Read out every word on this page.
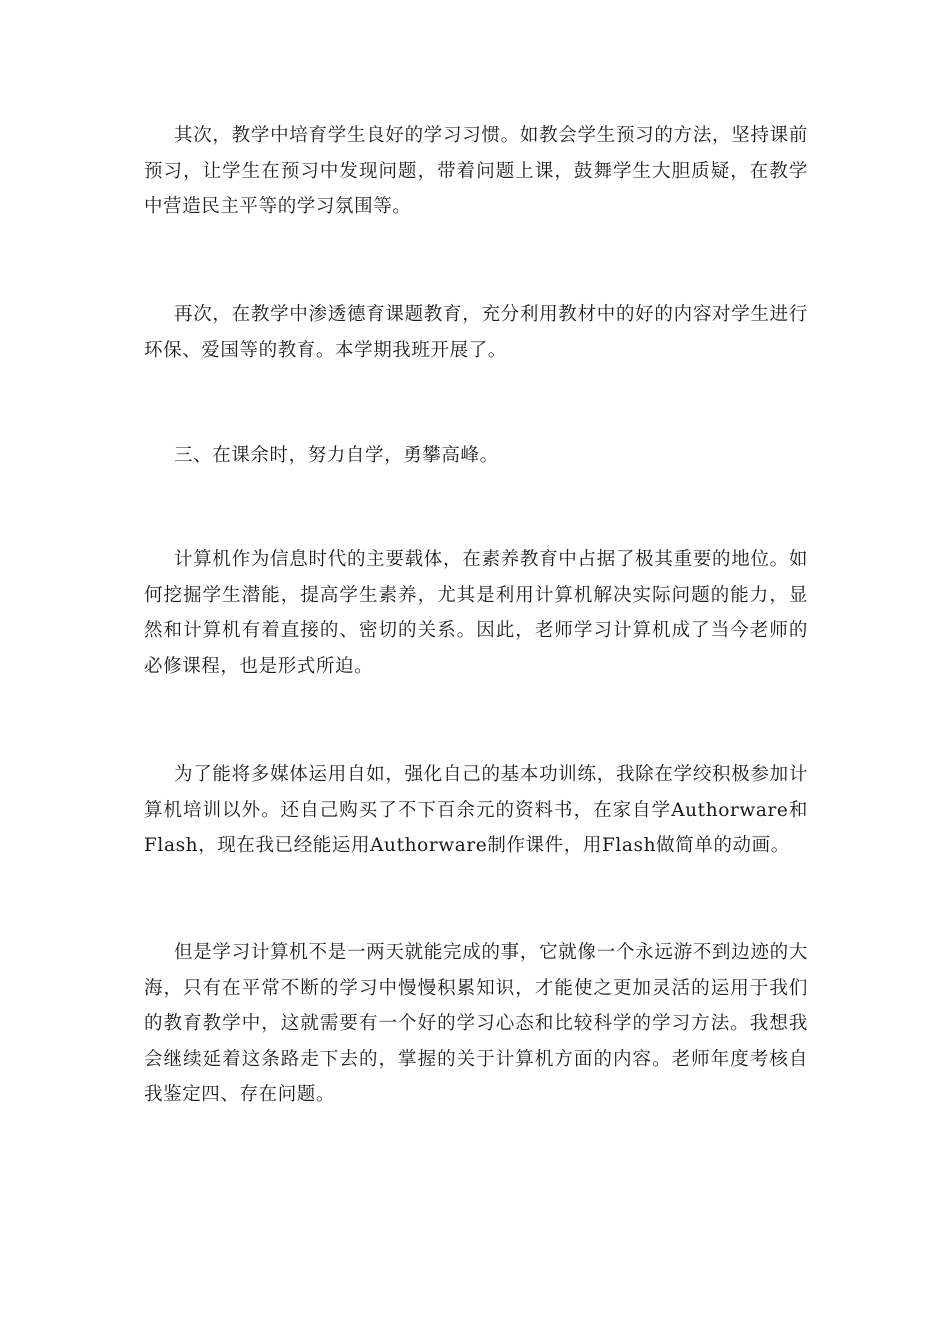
其次，教学中培育学生良好的学习习惯。如教会学生预习的方法，坚持课前预习，让学生在预习中发现问题，带着问题上课，鼓舞学生大胆质疑，在教学中营造民主平等的学习氛围等。

再次，在教学中渗透德育课题教育，充分利用教材中的好的内容对学生进行环保、爱国等的教育。本学期我班开展了。

三、在课余时，努力自学，勇攀高峰。

计算机作为信息时代的主要载体，在素养教育中占据了极其重要的地位。如何挖掘学生潜能，提高学生素养，尤其是利用计算机解决实际问题的能力，显然和计算机有着直接的、密切的关系。因此，老师学习计算机成了当今老师的必修课程，也是形式所迫。

为了能将多媒体运用自如，强化自己的基本功训练，我除在学绞积极参加计算机培训以外。还自己购买了不下百余元的资料书，在家自学Authorware和Flash，现在我已经能运用Authorware制作课件，用Flash做简单的动画。

但是学习计算机不是一两天就能完成的事，它就像一个永远游不到边迹的大海，只有在平常不断的学习中慢慢积累知识，才能使之更加灵活的运用于我们的教育教学中，这就需要有一个好的学习心态和比较科学的学习方法。我想我会继续延着这条路走下去的，掌握的关于计算机方面的内容。老师年度考核自我鉴定四、存在问题。
